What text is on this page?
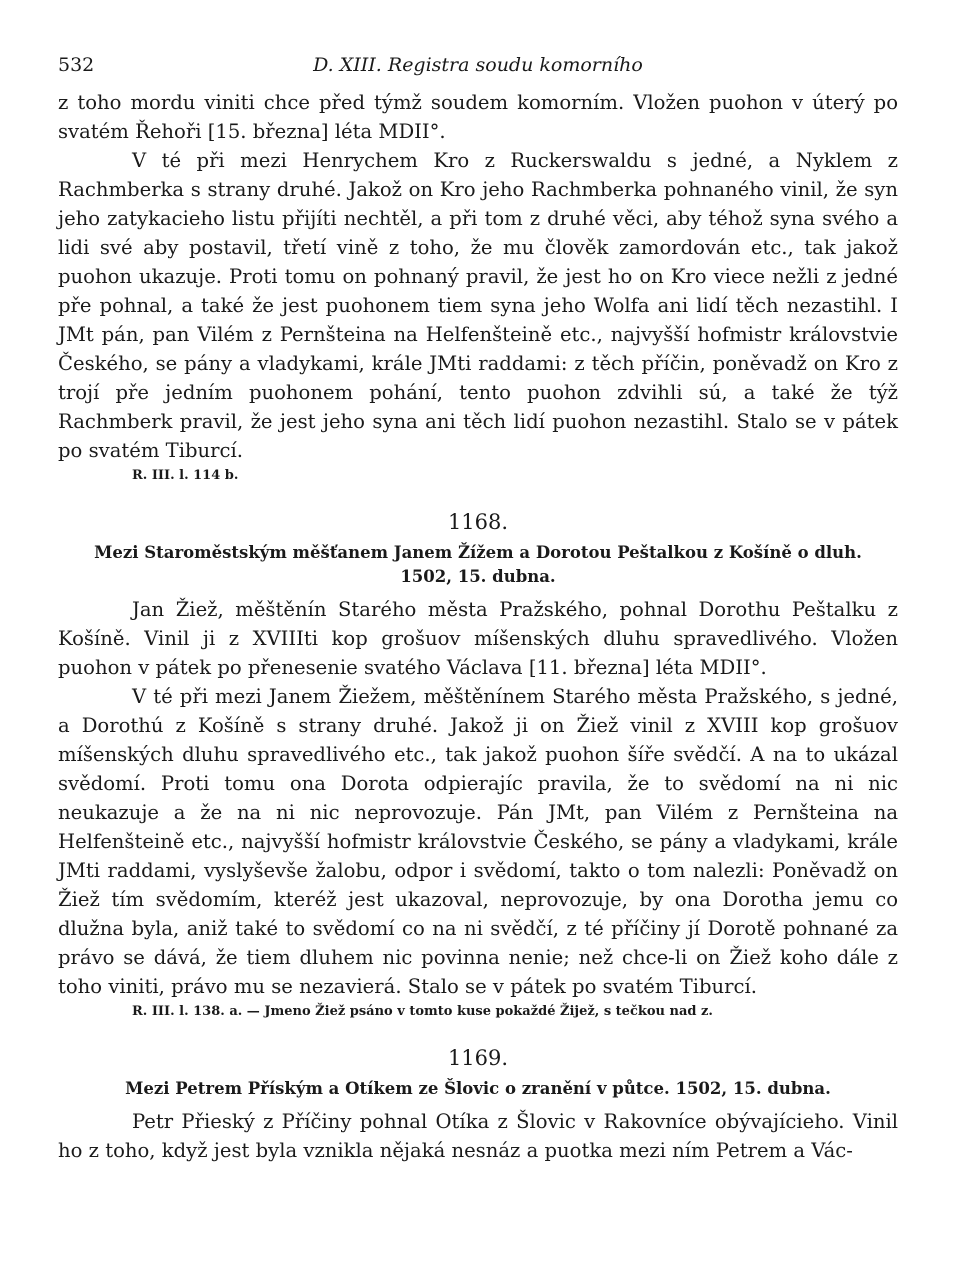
532	D. XIII. Registra soudu komorního

z toho mordu viniti chce před týmž soudem komorním. Vložen puohon v úterý po svatém Řehoři [15. března] léta MDII°.

V té při mezi Henrychem Kro z Ruckerswaldu s jedné, a Nyklem z Rachmberka s strany druhé. Jakož on Kro jeho Rachmberka pohnaného vinil, že syn jeho zatykacieho listu přijíti nechtěl, a při tom z druhé věci, aby téhož syna svého a lidi své aby postavil, třetí vině z toho, že mu člověk zamordován etc., tak jakož puohon ukazuje. Proti tomu on pohnaný pravil, že jest ho on Kro viece nežli z jedné pře pohnal, a také že jest puohonem tiem syna jeho Wolfa ani lidí těch nezastihl. I JMt pán, pan Vilém z Pernšteina na Helfenšteině etc., najvyšší hofmistr královstvie Českého, se pány a vladykami, krále JMti raddami: z těch příčin, poněvadž on Kro z trojí pře jedním puohonem pohání, tento puohon zdvihli sú, a také že týž Rachmberk pravil, že jest jeho syna ani těch lidí puohon nezastihl. Stalo se v pátek po svatém Tiburcí.

R. III. l. 114 b.

1168.
Mezi Staroměstským měšťanem Janem Žížem a Dorotou Peštalkou z Košíně o dluh.
1502, 15. dubna.

Jan Žiež, měštěnín Starého města Pražského, pohnal Dorothu Peštalku z Košíně. Vinil ji z XVIIIti kop grošuov míšenských dluhu spravedlivého. Vložen puohon v pátek po přenesenie svatého Václava [11. března] léta MDII°.

V té při mezi Janem Žiežem, měštěnínem Starého města Pražského, s jedné, a Dorothú z Košíně s strany druhé. Jakož ji on Žiež vinil z XVIII kop grošuov míšenských dluhu spravedlivého etc., tak jakož puohon šíře svědčí. A na to ukázal svědomí. Proti tomu ona Dorota odpierajíc pravila, že to svědomí na ni nic neukazuje a že na ni nic neprovozuje. Pán JMt, pan Vilém z Pernšteina na Helfenšteině etc., najvyšší hofmistr královstvie Českého, se pány a vladykami, krále JMti raddami, vyslyševše žalobu, odpor i svědomí, takto o tom nalezli: Poněvadž on Žiež tím svědomím, kteréž jest ukazoval, neprovozuje, by ona Dorotha jemu co dlužna byla, aniž také to svědomí co na ni svědčí, z té příčiny jí Dorotě pohnané za právo se dává, že tiem dluhem nic povinna nenie; než chce-li on Žiež koho dále z toho viniti, právo mu se nezavierá. Stalo se v pátek po svatém Tiburcí.

R. III. l. 138. a. — Jmeno Žiež psáno v tomto kuse pokaždé Žijež, s tečkou nad z.

1169.
Mezi Petrem Příským a Otíkem ze Šlovic o zranění v půtce. 1502, 15. dubna.

Petr Přieský z Příčiny pohnal Otíka z Šlovic v Rakovníce obývajícieho. Vinil ho z toho, když jest byla vznikla nějaká nesnáz a puotka mezi ním Petrem a Vác-
